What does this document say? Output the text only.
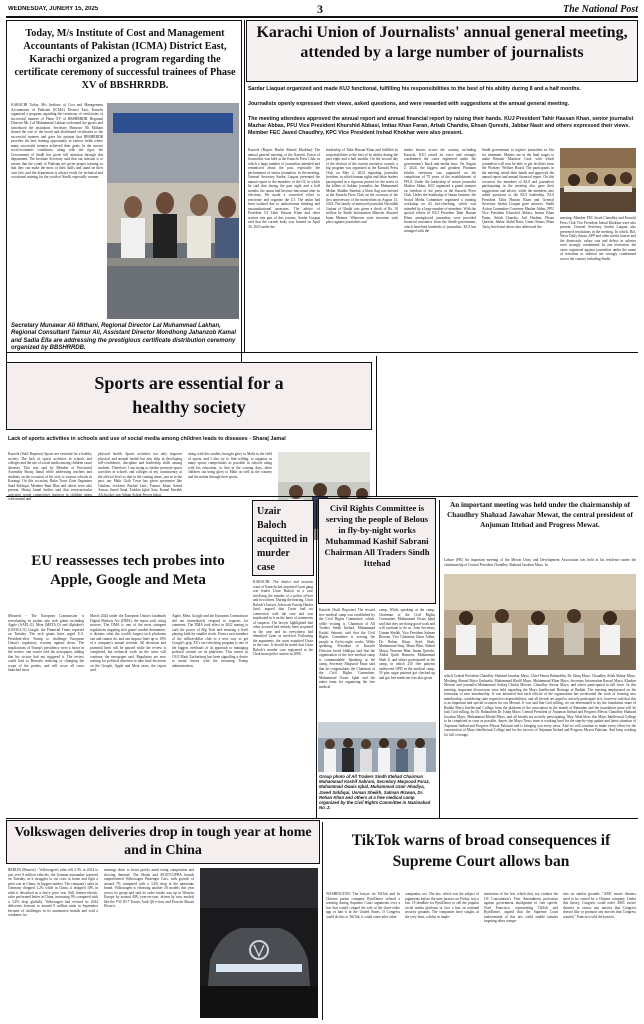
WEDNESDAY, JUNERY 15, 2025	3	The National Post
Today, M/s Institute of Cost and Management Accountants of Pakistan (ICMA) District East, Karachi organized a program regarding the certificate ceremony of successful trainees of Phase XV of BBSHRRDB.
KARACHI Today, M/s Institute of Cost and Management Accountants of Pakistan (ICMA) District East, Karachi organized a program regarding the ceremony of certificates of successful trainees of Phase XV of BBSHRRDB. Regional Director Mr. Lal Muhammad Lakhan welcomed the guests and introduced the institution. Secretary Manzoor Ali Mithani shared the role of the board and distributed certificates to the successful trainees and gave his opinion that BBSHRRDB provides the best training opportunity in various fields where many successful trainees achieved their goals. In the current socio-economic conditions, along with the rigor, the Government of Sindh has given full attention through this department. The Institute Secretary said that our mission is to ensure that the youth of Pakistan are given proper training so that they can make the most of their skills and stand on their own feet, and the department is always ready for technical and vocational training for the youth of Sindh, especially women.
Secretary Munawar Ali Mithani, Regional Director Lal Muhammad Lakhan, Regional Consultant Taimur Ali, Assistant Director Mondhong Jahanzob Kamal and Sadia Ella are addressing the prestigious certificate distribution ceremony organized by BBSHRRDB.
Karachi Union of Journalists' annual general meeting, attended by a large number of journalists
Sardar Liaquat organized and made KUJ functional, fulfilling his responsibilities to the best of his ability during 8 and a half months.
Journalists openly expressed their views, asked questions, and were rewarded with suggestions at the annual general meeting.
The meeting attendees approved the annual report and annual financial report by raising their hands. KUJ President Tahir Hassan Khan, senior journalist Mazhar Abbas, PFU Vice President Khurshid Abbasi, Imtiaz Khan Faran, Arbab Chandio, Ehsan Qureshi, Jabbar Nasir and others expressed their views. Member FEC Javed Chaudhry, KPC Vice President Irshad Khokhar were also present.
Karachi (Report Bashir Ahmed Khokhar) The annual general meeting of the Karachi Union of Journalists was held at the Karachi Press Club, in which a large number of journalists attended and reminisced about the past, especially the performance of senior journalists. In the meeting, General Secretary Sardar Liaquat presented the annual report to the members of the UJ, in which he said that during the past eight and a half months, the union had become functional after its elections. He made a concerted effort to reactivate and organize the UJ. The union had been isolated due to authoritarian thinking and unconstitutional measures. The advice of President UJ Tahir Hassan Khan and other seniors was part of this journey. Sardar Liaquat said that the current body was formed on April 30, 2023 under the
leadership of Tahir Hassan Khan and fulfilled its responsibilities to the best of its ability during the past eight and a half months. On the second day of the election of the current executive council, a big program was organized at the Karachi Press Club on May 2, 2024 regarding journalist freedom, in which human rights and labor leaders participated in a vigorous protest for the arrest of the killers of Sukkur journalist Jan Muhammad Mehar. Shabbir Sumbal, a black flag was hoisted at the Karachi Press Club on the occasion of the first anniversary of the martyrdom on August 13, 2024. The family of martyred journalist Nasrullah Gadani of Ghotki was given a check of Rs. 10 million by Sindh Information Minister Sharjeel Inam Memon. Wherever state terrorism took place against journalists and
media houses across the country, including Karachi, KUJ raised its voice and strongly condemned the cases registered under the government's black anti-media laws. On August 2, 2024, the biggest and grandest Platinum Jubilee ceremony was organized on the completion of 75 years of the establishment of PFUJ. Under the leadership of senior journalist Mazhar Abbas, KUJ organized a grand seminar on freedom of the press at the Karachi Press Club. Under the leadership of Imran Jasmine, the Social Media Committee organized a training workshop on AI fact-checking, which was attended by a large number of members. With the special efforts of KUJ President Tahir Hassan Khan, unemployed journalists were provided financial assistance from the Sindh government, which benefited hundreds of journalists. KUJ has arranged with the
Sindh government to register journalists in Sisi for treatment. Matters are in the final stages to make Benazir Mazdoor Card, with which journalists will now be able to get facilities from the Workers' Welfare Board. The participants in the meeting raised their hands and approved the annual report and annual financial report. On this occasion, the members of KUJ and journalists participating in the meeting also gave their suggestions and advice, while the attendees also asked questions to the KUJ leadership. KUJ President Tahir Hassan Khan and General Secretary Sardar Liaquat gave answers. Sindh Action Committee Convener Mazhar Abbas, PFU Vice President Khurshid Abbasi, Imtiaz Khan Faran, Arbab Chandio, Arif Hashmi, Ehsan Qureshi, Jabbar Abdul Nasir, Umar Ghauri, Mian Tariq Javed and others also addressed the
meeting. Member FEC Javed Chaudhry and Karachi Press Club Vice President Irshad Khokhar were also present. General Secretary Sardar Liaquat also presented resolutions in the meeting. In which, Bol, News Daily Aman, APP and other media houses and the dismissals, salary cuts and delays in salaries were strongly condemned. In one resolution, the cases registered against journalists under the name of terrorism or sedition are strongly condemned across the country including Sindh.
Sports are essential for a healthy society
Lack of sports activities in schools and use of social media among children leads to diseases - Sharaj Jamal
Karachi (Staff Reporter) Sports are essential for a healthy society. The lack of sports activities in schools and colleges and the use of social media among children cause diseases. This was said by Member of Provincial Assembly Sharaj Jamal while addressing teachers and students on the occasion of his visit to various schools in Korangi. On this occasion, Rukn Town Zone Organizer Saad Siddiqui, Member Rani Bhai and others were also present. Sharaj Jamal further said that extracurricular activities create competitive instincts in children along with mental and
physical health. Sports activities not only improve physical and mental health but also help in developing self-confidence, discipline and leadership skills among students. Therefore, I am trying to further promote sports activities in schools and colleges of my constituency at the official level so that in the coming times, just as in the past, our Malir Goth Town has given sportsmen like Ghulam, cricketer Rashid Latif, Younus Khan, Saeed Anwar, Saeed Azad, Tashkin Iqbal Aziz, Kamal Farrukh Ali, hockey star Adnan Ashraf Pervez Iqbal,
along with this studies, brought glory to Malir in the field of sports, and I also try to find willing, to organize as many sports competitions as possible in schools along with his education, so that in the coming days, these children can bring glory to Malir as well as the country and the nation through their sports.
Uzair Baloch acquitted in murder case
KARACHI: The district and sessions court of Karachi has acquitted Lyari gang war leader Uzair Baloch in a case involving the murder of a police officer and two others. During the hearing, Uzair Baloch's lawyer, Advocate Farooq Haider Jatoi, argued that Uzair had no connection with the case and was implicated in it on the basis of statements of suspects. The lawyer highlighted that other accused had already been acquitted in the case and no eyewitness had identified Uzair as involved. Following the arguments, the court acquitted Uzair in the case. It should be noted that Uzair Baloch's murder case registered at the Chakiwara police station in 2009.
EU reassesses tech probes into Apple, Google and Meta
(Reuters) - The European Commission is reevaluating its probes into tech giants including Apple (AAPL.O), Meta (META.O) and Alphabet's (GOOGL.O) Google, the Financial Times reported on Tuesday. The tech giants have urged U.S. President-elect Trump to challenge European Union's regulatory scrutiny against them. The implications of Trump's presidency were a factor in the review, one source told the newspaper, adding that his victory had not triggered it. The review could lead to Brussels reducing or changing the scope of the probes, and will cover all cases launched since
March 2024 under the European Union's landmark Digital Markets Act (DMA), the report said, citing sources. The DMA is one of the most stringent regulations targeting tech giants' market dominance, it dictates what the world's largest tech platforms can and cannot do, and can impose fines up to 10% of a company's annual revenue. All decisions and potential fines will be paused while the review is completed, but technical work on the cases will continue, the newspaper said. Regulators are now waiting for political direction to take final decisions on the Google, Apple and Meta cases, the report said.
Apple, Meta, Google and the European Commission did not immediately respond to requests for comment. The DMA took effect in 2022 aiming to curb the power of Big Tech and ensuring a level playing field for smaller rivals. From a new member of the trillion-dollar club to a new way to get Google's grip. EU's fact-checking program is one of the biggest overhauls of its approach to managing political content on its platforms. This comes as CEO Mark Zuckerberg has been signalling a desire to mend fences with the incoming Trump administration.
Civil Rights Committee is serving the people of Belous in fly-by-night works Muhammad Kashif Sabrani Chairman All Traders Sindh Ittehad
Karachi (Staff Reporter) The second free medical camp was established by the Civil Rights Committee, which, while visiting it, Chairman of All Traders Sindh Ittehad, Muhammad Kashif Sabrani, said that the Civil Rights Committee is serving the people in fly-by-night works. While speaking, President of Karachi Division Javed Siddiqui said that the organization of the free medical camp is commendable. Speaking at the camp, Secretary Maqsood Faraz said that he congratulates the Chairman of the Civil Rights Committee, Muhammad Owais Iqbal and the entire team for organizing the free medical
camp. While speaking at the camp, Chairman of the Civil Rights Committee, Muhammad Owais Iqbal said that they are doing good work and will continue to do so. Joint Secretary Usman Sheikh, Vice President Salman Rizwan, Vice Chairman Umar Adhia, Dr. Rehan Khan, Syed Shah, Muhammad Siraj, Mumi Bhai, Shahid Masai, Waseem Bhai, Imran Qureshi, Abdul Qadir Hanseen, Muhammad Shah Ji, and others participated in the camp, in which 235 free patients underwent OPD in the medical camp, 50 plus sugar patients got checked up and got free medicine was also given
Group photo of All Traders Sindh Ittehad Chairman Muhammad Kashif Sabrani, Secretary Maqsood Faraz, Muhammad Owais Iqbal, Muhammad Uzair Ahadiya, Javed Siddiqui, Usman Sheikh, Salman Rizwan, Dr. Rehan Khan and others at a free medical camp organized by the Civil Rights Committee in Nazimabad No. 2.
An important meeting was held under the chairmanship of Chaudhry Shahzad Jawahar Mewat, the central president of Anjuman Ittehad and Progress Mewat.
Lahore (PR) An important meeting of the Mewat Unity and Development Association was held at his residence under the chairmanship of Central President Chaudhry Shahzad Jawahar Mayo. In
which Central President Chaudhry Shahzad Jawahar Mayo, Chief Patron Bahauddin, Dr. Ishaq Mayo, Chaudhry Aftab Akhtar Mayo, Moulang Ahmed Mayo Umbaalia, Muhammad Khalil Mayo, Muhammad Khan Mayo, Secretary Information Rasool Mayo, Khadim Mewati and journalist Muhammad Ashfaq Chishti Mewati, Chaudhry Anwar Mayo, and others participated in full force. In this meeting, important discussions were held regarding the Mayo Intellectual Heritage of Badaki. The meeting emphasized on the formation of new membership. It was informed that each official of the organization has accelerated the work of forming new membership, considering state respective responsibilities, and all friends are urged to actively participate in it, however said that this is an important and special occasion for our Mewati. It was said that God willing, we are determined to lay the foundation stone of Badaki Mayo Intellectual College from the platform of the association in the month of Ramadan and the foundation stone will be laid, God willing, by Dr. Bahauddin Dr. Ishaq Mayo. Central President of Anjuman Ittehad and Progress Mewat Chaudhry Shahzad Jawahar Mayo, Muhammad Khalid Mayo, and all friends are actively participating. May Allah bless this Mayo Intellectual College to be completed as soon as possible. Amen, the Mayo News team is working hard for the step-by-step update and latest situation of Anjuman Ittehad and Progress Mewat Pakistan and is bringing you every news. And we will continue to make every effort for the construction of Mayo Intellectual College and for the success of Anjuman Ittehad and Progress Mewat Pakistan. And keep working for full coverage.
Volkswagen deliveries drop in tough year at home and in China
BERLIN (Reuters) - Volkswagen's sales fell 2.3% in 2024 to just over 9 million vehicles, the German automaker reported on Tuesday, as it struggles to cut costs at home and fight a price war in China, its biggest market. The company's sales in Germany dropped 1.2% while in China, it dropped 10% in what it described as a fierce price war. Still, battery-electric sales performed better in China, increasing 9% compared with a 3.4% drop globally. Volkswagen had revised its 2024 deliveries forecast to around 9 million units in September because of challenges in its automotive brands and sold a weakness for
earnings drive to boost profits amid rising competition and slowing demand. The Skoda and SEAT/CUPRA brands outperformed Volkswagen Passenger Cars, with growth of around 7% compared with a 3.4% drop at the namesake brand. Volkswagen is releasing another 30 models this year across its group and said its order intake was up in Western Europe by around 40% year-on-year, driven by new models like the VW ID.7 Tourer, Audi Q6 e-tron, and Porsche Macan Electric.
TikTok warns of broad consequences if Supreme Court allows ban
WASHINGTON: The lawyer for TikTok and its Chinese parent company ByteDance offered a warning during Supreme Court arguments over a law that would compel the sale of the short-video app or ban it in the United States. If Congress could do this to TikTok, it could come after other
companies, too. The law, which was the subject of arguments before the nine justices on Friday, sets a Jan. 19 deadline for ByteDance to sell the popular social media platform or face a ban on national security grounds. The companies have sought, at the very least, a delay in imple-
mentation of the law, which they say violates the US Constitution's First Amendment protection against government abridgment of free speech. Noel Francisco, representing TikTok and ByteDance, argued that the Supreme Court endorsement of this law could enable statutes targeting other compa-
nies on similar grounds. "AMC movie theaters used to be owned by a Chinese company. Under this theory, Congress could order AMC movie theaters to censor any movies that Congress doesn't like or promote any movies that Congress wanted," Francisco told the justices.
